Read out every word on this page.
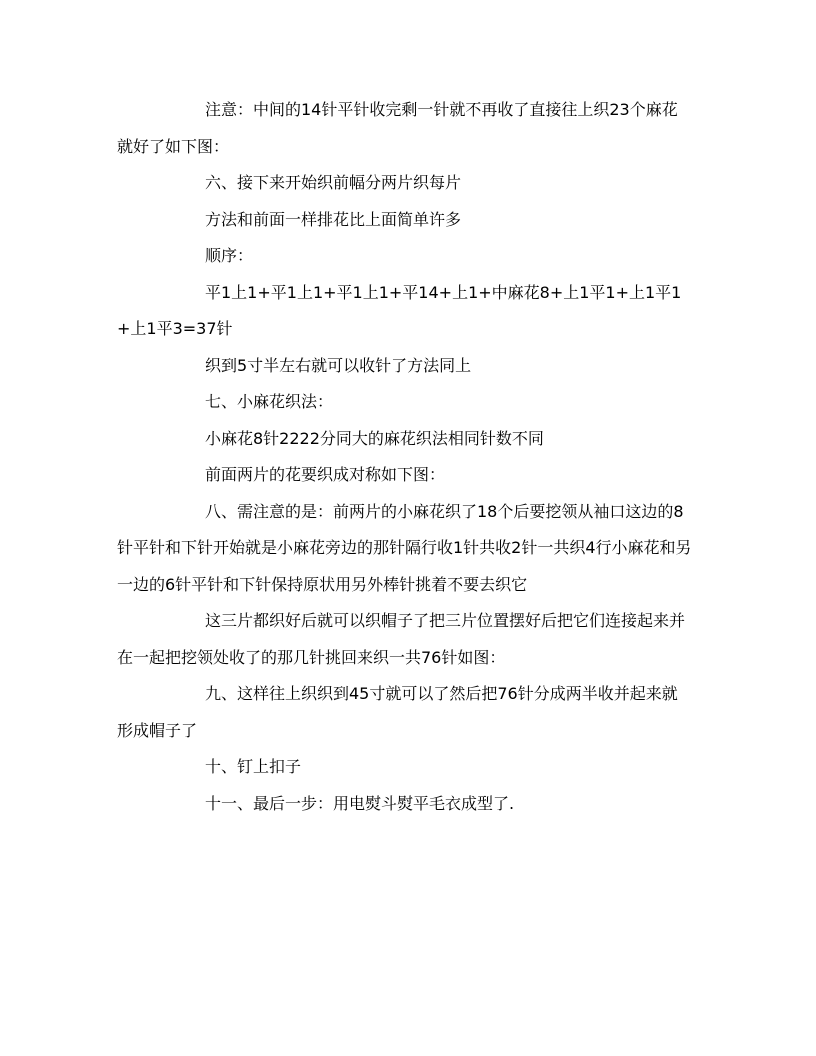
注意：中间的14针平针收完剩一针就不再收了直接往上织23个麻花就好了如下图：

六、接下来开始织前幅分两片织每片

方法和前面一样排花比上面简单许多

顺序：

平1上1+平1上1+平1上1+平14+上1+中麻花8+上1平1+上1平1+上1平3=37针

织到5寸半左右就可以收针了方法同上

七、小麻花织法：

小麻花8针2222分同大的麻花织法相同针数不同

前面两片的花要织成对称如下图：

八、需注意的是：前两片的小麻花织了18个后要挖领从袖口这边的8针平针和下针开始就是小麻花旁边的那针隔行收1针共收2针一共织4行小麻花和另一边的6针平针和下针保持原状用另外棒针挑着不要去织它

这三片都织好后就可以织帽子了把三片位置摆好后把它们连接起来并在一起把挖领处收了的那几针挑回来织一共76针如图：

九、这样往上织织到45寸就可以了然后把76针分成两半收并起来就形成帽子了

十、钉上扣子

十一、最后一步：用电熨斗熨平毛衣成型了.
